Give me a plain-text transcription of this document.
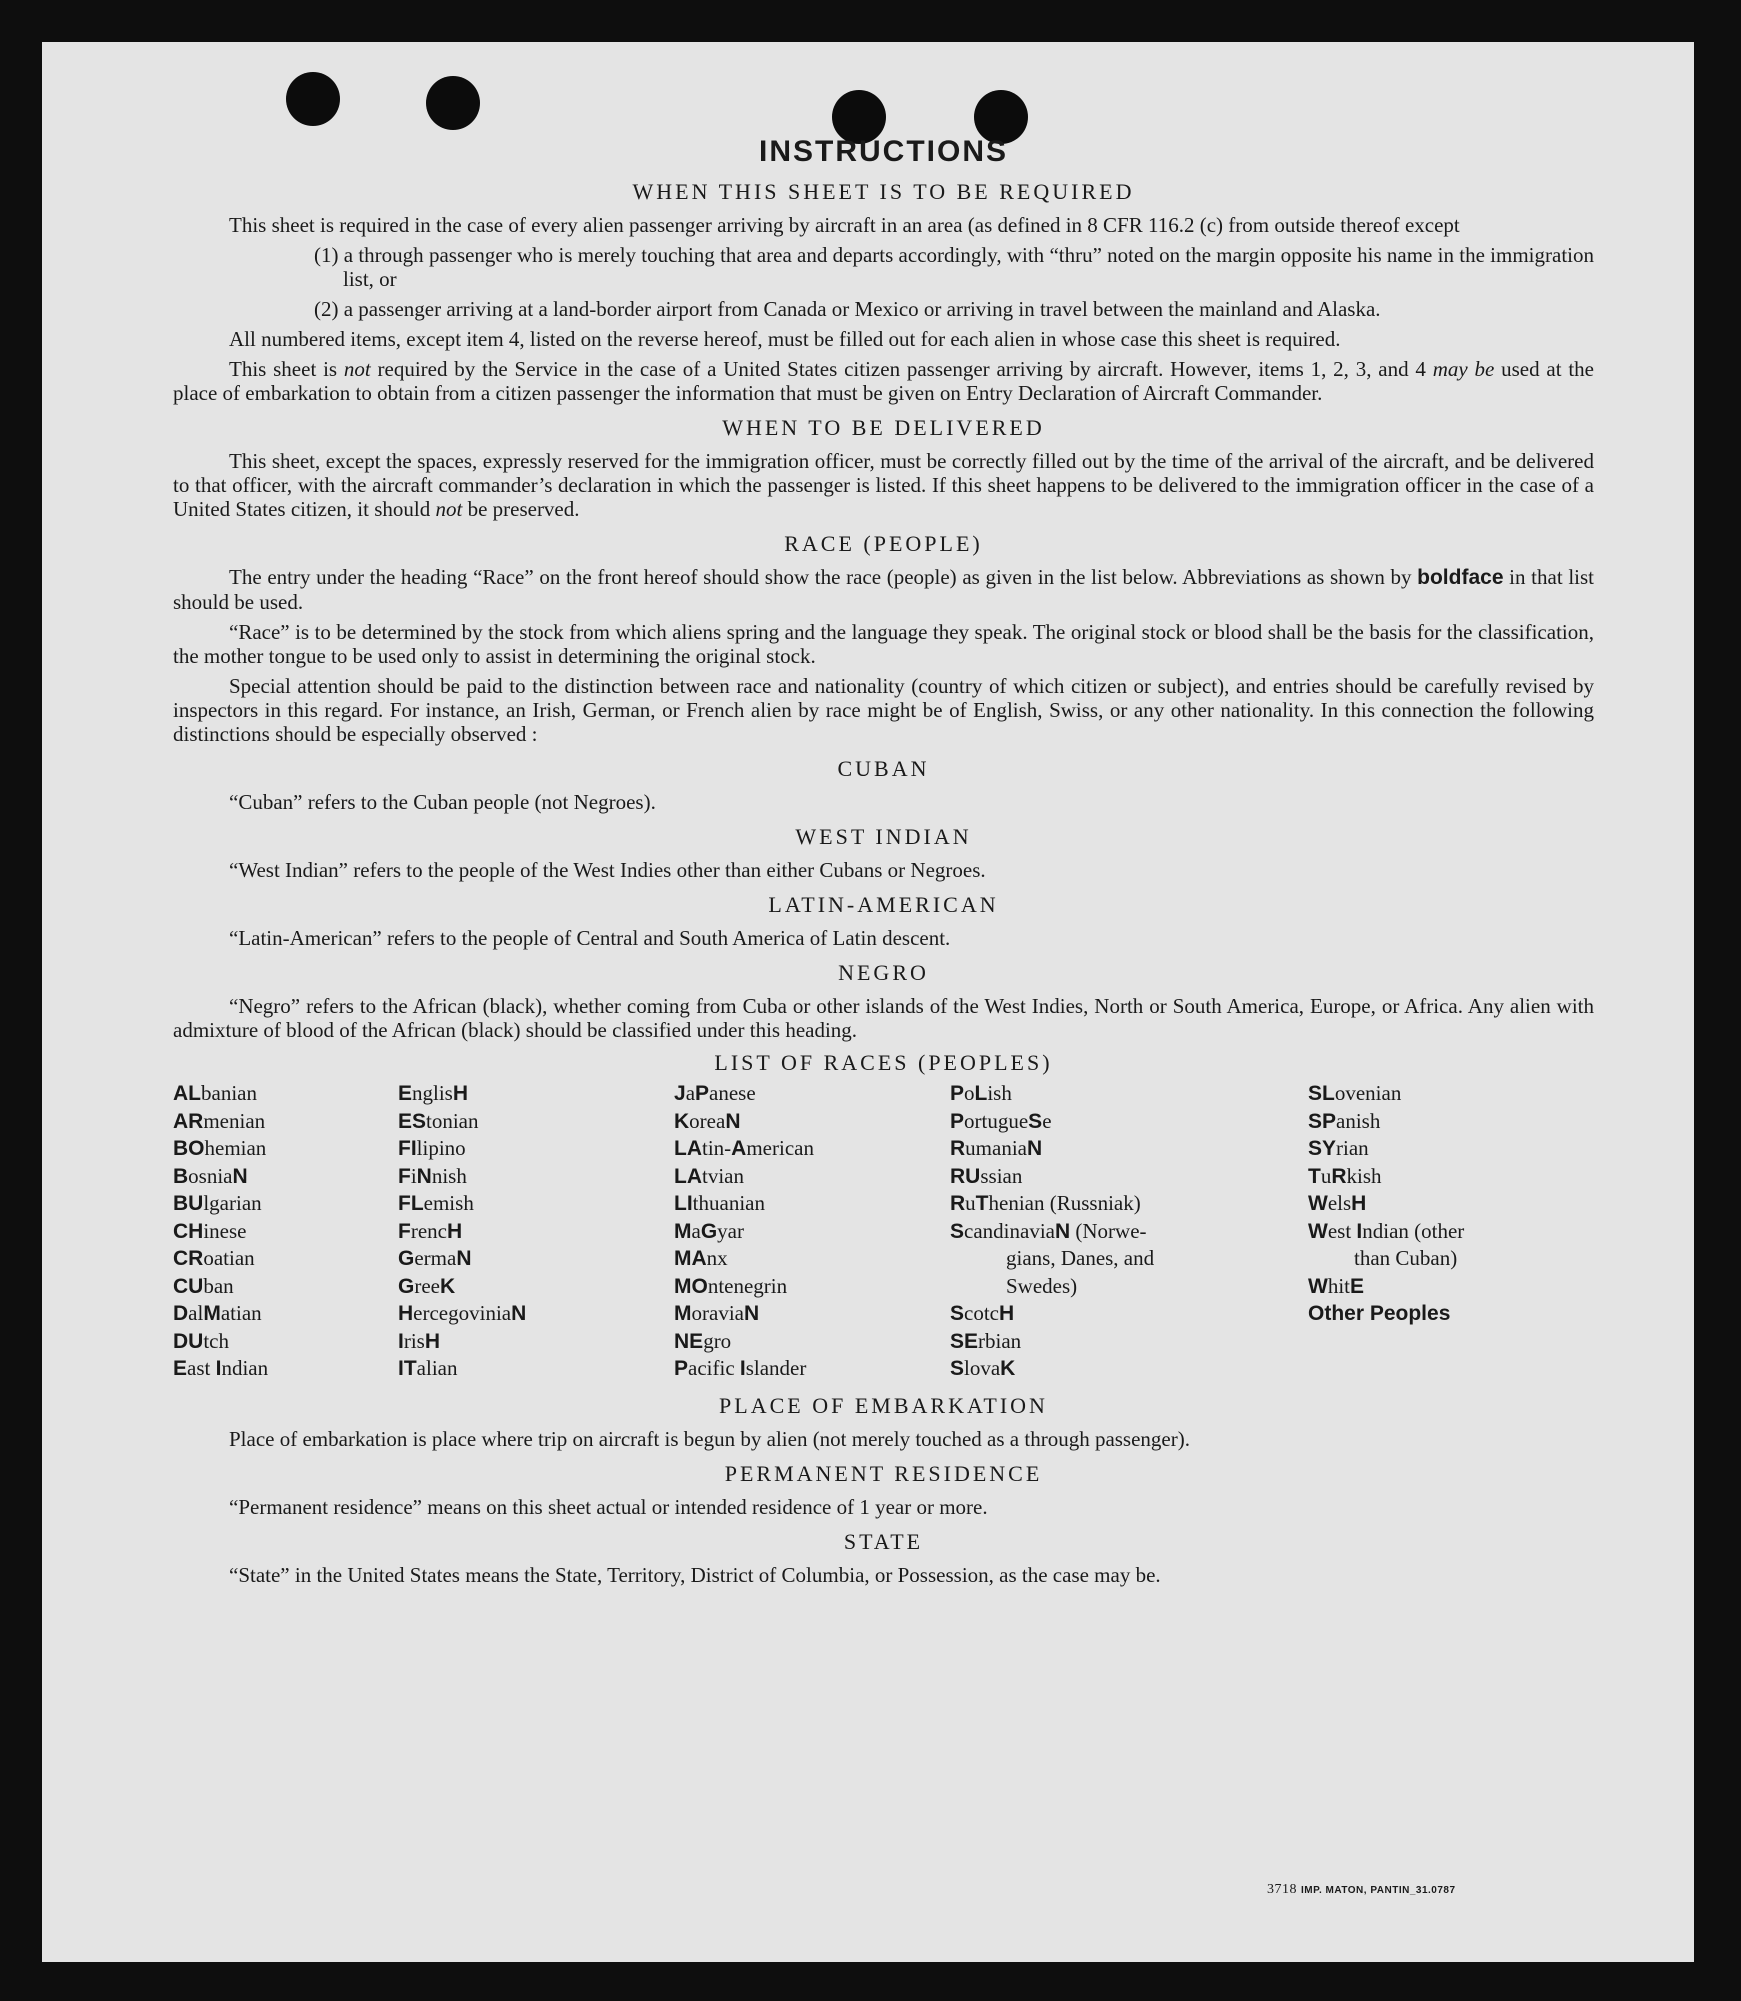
INSTRUCTIONS
WHEN THIS SHEET IS TO BE REQUIRED

This sheet is required in the case of every alien passenger arriving by aircraft in an area (as defined in 8 CFR 116.2 (c) from outside thereof except

(1) a through passenger who is merely touching that area and departs accordingly, with “thru” noted on the margin opposite his name in the immigration list, or

(2) a passenger arriving at a land-border airport from Canada or Mexico or arriving in travel between the mainland and Alaska.

All numbered items, except item 4, listed on the reverse hereof, must be filled out for each alien in whose case this sheet is required.

This sheet is not required by the Service in the case of a United States citizen passenger arriving by aircraft. However, items 1, 2, 3, and 4 may be used at the place of embarkation to obtain from a citizen passenger the information that must be given on Entry Declaration of Aircraft Commander.

WHEN TO BE DELIVERED

This sheet, except the spaces, expressly reserved for the immigration officer, must be correctly filled out by the time of the arrival of the aircraft, and be delivered to that officer, with the aircraft commander’s declaration in which the passenger is listed. If this sheet happens to be delivered to the immigration officer in the case of a United States citizen, it should not be preserved.

RACE (PEOPLE)

The entry under the heading “Race” on the front hereof should show the race (people) as given in the list below. Abbreviations as shown by boldface in that list should be used.

“Race” is to be determined by the stock from which aliens spring and the language they speak. The original stock or blood shall be the basis for the classification, the mother tongue to be used only to assist in determining the original stock.

Special attention should be paid to the distinction between race and nationality (country of which citizen or subject), and entries should be carefully revised by inspectors in this regard. For instance, an Irish, German, or French alien by race might be of English, Swiss, or any other nationality. In this connection the following distinctions should be especially observed :

CUBAN

“Cuban” refers to the Cuban people (not Negroes).

WEST INDIAN

“West Indian” refers to the people of the West Indies other than either Cubans or Negroes.

LATIN-AMERICAN

“Latin-American” refers to the people of Central and South America of Latin descent.

NEGRO

“Negro” refers to the African (black), whether coming from Cuba or other islands of the West Indies, North or South America, Europe, or Africa. Any alien with admixture of blood of the African (black) should be classified under this heading.

LIST OF RACES (PEOPLES)
ALbanian	EnglisH	JaPanese	PoLish	SLovenian
ARmenian	EStonian	KoreaN	PortugueSe	SPanish
BOhemian	FIlipino	LAtin-American	RumaniaN	SYrian
BosniaN	FiNnish	LAtvian	RUssian	TuRkish
BUlgarian	FLemish	LIthuanian	RuThenian (Russniak)	WelsH
CHinese	FrencH	MaGyar	ScandinaviaN (Norwe-	West Indian (other
CRoatian	GermaN	MAnx	gians, Danes, and	than Cuban)
CUban	GreeK	MOntenegrin	Swedes)	WhitE
DalMatian	HercegoviniaN	MoraviaN	ScotcH	Other Peoples
DUtch	IrisH	NEgro	SErbian
East Indian	ITalian	Pacific Islander	SlovaK
PLACE OF EMBARKATION

Place of embarkation is place where trip on aircraft is begun by alien (not merely touched as a through passenger).

PERMANENT RESIDENCE

“Permanent residence” means on this sheet actual or intended residence of 1 year or more.

STATE

“State” in the United States means the State, Territory, District of Columbia, or Possession, as the case may be.

3718 IMP. MATON, PANTIN_31.0787
